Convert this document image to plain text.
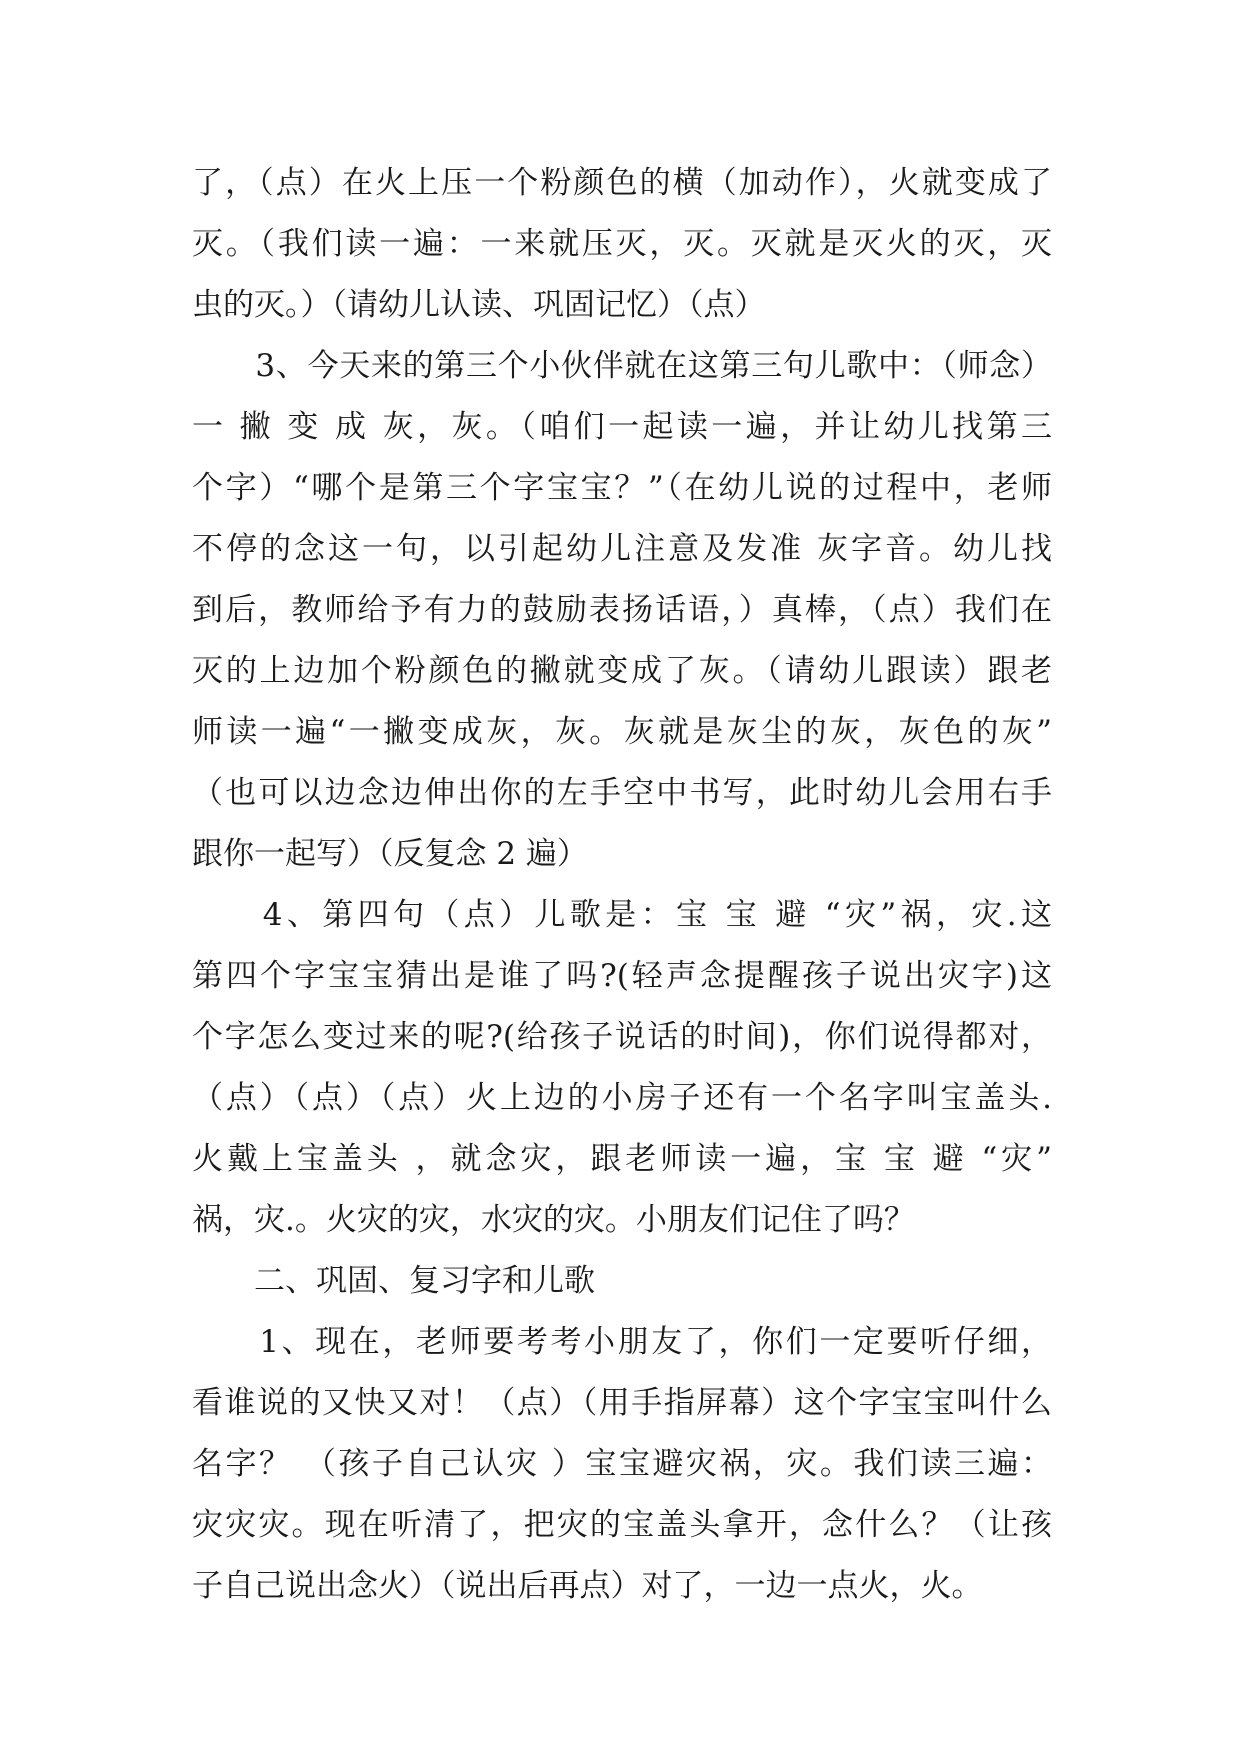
了，（点）在火上压一个粉颜色的横（加动作），火就变成了
灭。（我们读一遍：一来就压灭，灭。灭就是灭火的灭，灭
虫的灭。）（请幼儿认读、巩固记忆）（点）
　　3、今天来的第三个小伙伴就在这第三句儿歌中：（师念）
一 撇 变 成 灰，灰。（咱们一起读一遍，并让幼儿找第三
个字）“哪个是第三个字宝宝？”（在幼儿说的过程中，老师
不停的念这一句，以引起幼儿注意及发准 灰字音。幼儿找
到后，教师给予有力的鼓励表扬话语，）真棒，（点）我们在
灭的上边加个粉颜色的撇就变成了灰。（请幼儿跟读）跟老
师读一遍“一撇变成灰，灰。灰就是灰尘的灰，灰色的灰”
（也可以边念边伸出你的左手空中书写，此时幼儿会用右手
跟你一起写）（反复念 2 遍）
　　4、第四句（点）儿歌是：宝 宝 避 “灾”祸，灾.这
第四个字宝宝猜出是谁了吗?(轻声念提醒孩子说出灾字)这
个字怎么变过来的呢?(给孩子说话的时间)，你们说得都对，
（点）（点）（点）火上边的小房子还有一个名字叫宝盖头.
火戴上宝盖头 ，就念灾，跟老师读一遍，宝 宝 避 “灾”
祸，灾.。火灾的灾，水灾的灾。小朋友们记住了吗？
　　二、巩固、复习字和儿歌
　　1、现在，老师要考考小朋友了，你们一定要听仔细，
看谁说的又快又对！（点）（用手指屏幕）这个字宝宝叫什么
名字？ （孩子自己认灾 ）宝宝避灾祸，灾。我们读三遍：
灾灾灾。现在听清了，把灾的宝盖头拿开，念什么？（让孩
子自己说出念火）（说出后再点）对了，一边一点火，火。
